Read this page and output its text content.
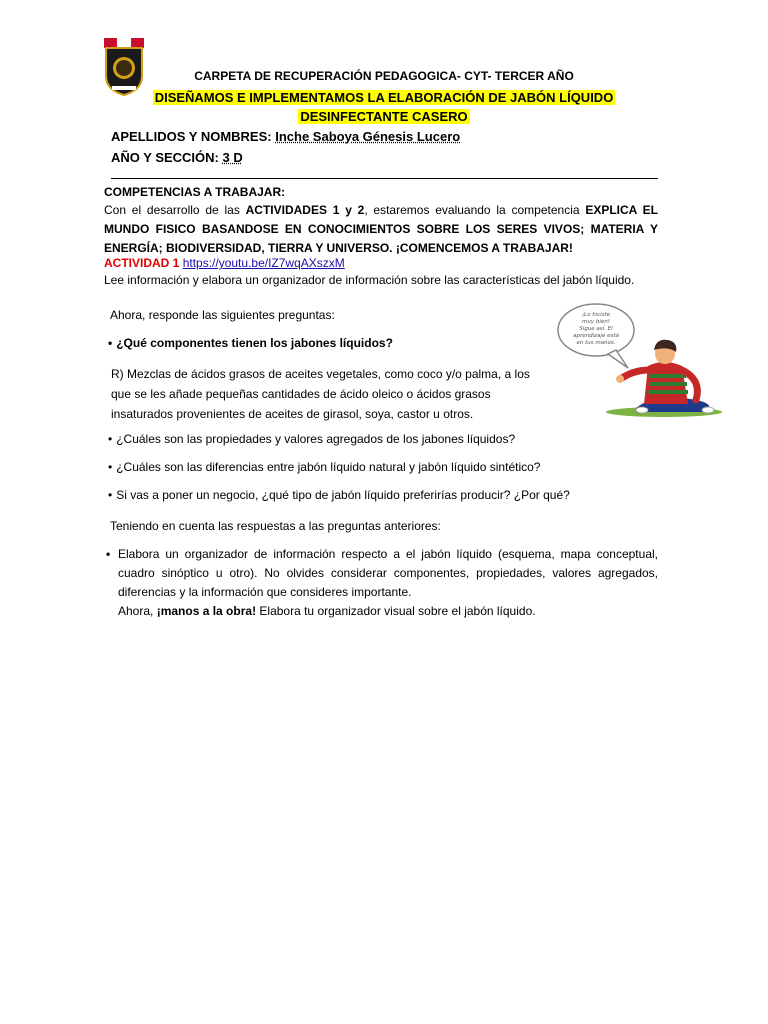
CARPETA DE RECUPERACIÓN PEDAGOGICA- CYT- TERCER AÑO
DISEÑAMOS E IMPLEMENTAMOS LA ELABORACIÓN DE JABÓN LÍQUIDO
DESINFECTANTE CASERO
APELLIDOS Y NOMBRES: Inche Saboya Génesis Lucero
AÑO Y SECCIÓN: 3 D
COMPETENCIAS A TRABAJAR:
Con el desarrollo de las ACTIVIDADES 1 y 2, estaremos evaluando la competencia EXPLICA EL MUNDO FISICO BASANDOSE EN CONOCIMIENTOS SOBRE LOS SERES VIVOS; MATERIA Y ENERGÍA; BIODIVERSIDAD, TIERRA Y UNIVERSO. ¡COMENCEMOS A TRABAJAR!
ACTIVIDAD 1 https://youtu.be/IZ7wqAXszxM
Lee información y elabora un organizador de información sobre las características del jabón líquido.
Ahora, responde las siguientes preguntas:
• ¿Qué componentes tienen los jabones líquidos?
R) Mezclas de ácidos grasos de aceites vegetales, como coco y/o palma, a los que se les añade pequeñas cantidades de ácido oleico o ácidos grasos insaturados provenientes de aceites de girasol, soya, castor u otros.
• ¿Cuáles son las propiedades y valores agregados de los jabones líquidos?
• ¿Cuáles son las diferencias entre jabón líquido natural y jabón líquido sintético?
• Si vas a poner un negocio, ¿qué tipo de jabón líquido preferirías producir? ¿Por qué?
Teniendo en cuenta las respuestas a las preguntas anteriores:
• Elabora un organizador de información respecto a el jabón líquido (esquema, mapa conceptual, cuadro sinóptico u otro). No olvides considerar componentes, propiedades, valores agregados, diferencias y la información que consideres importante.
Ahora, ¡manos a la obra! Elabora tu organizador visual sobre el jabón líquido.
¡Lo hiciste
muy bien!
Sigue así. El
aprendizaje está
en tus manos.
